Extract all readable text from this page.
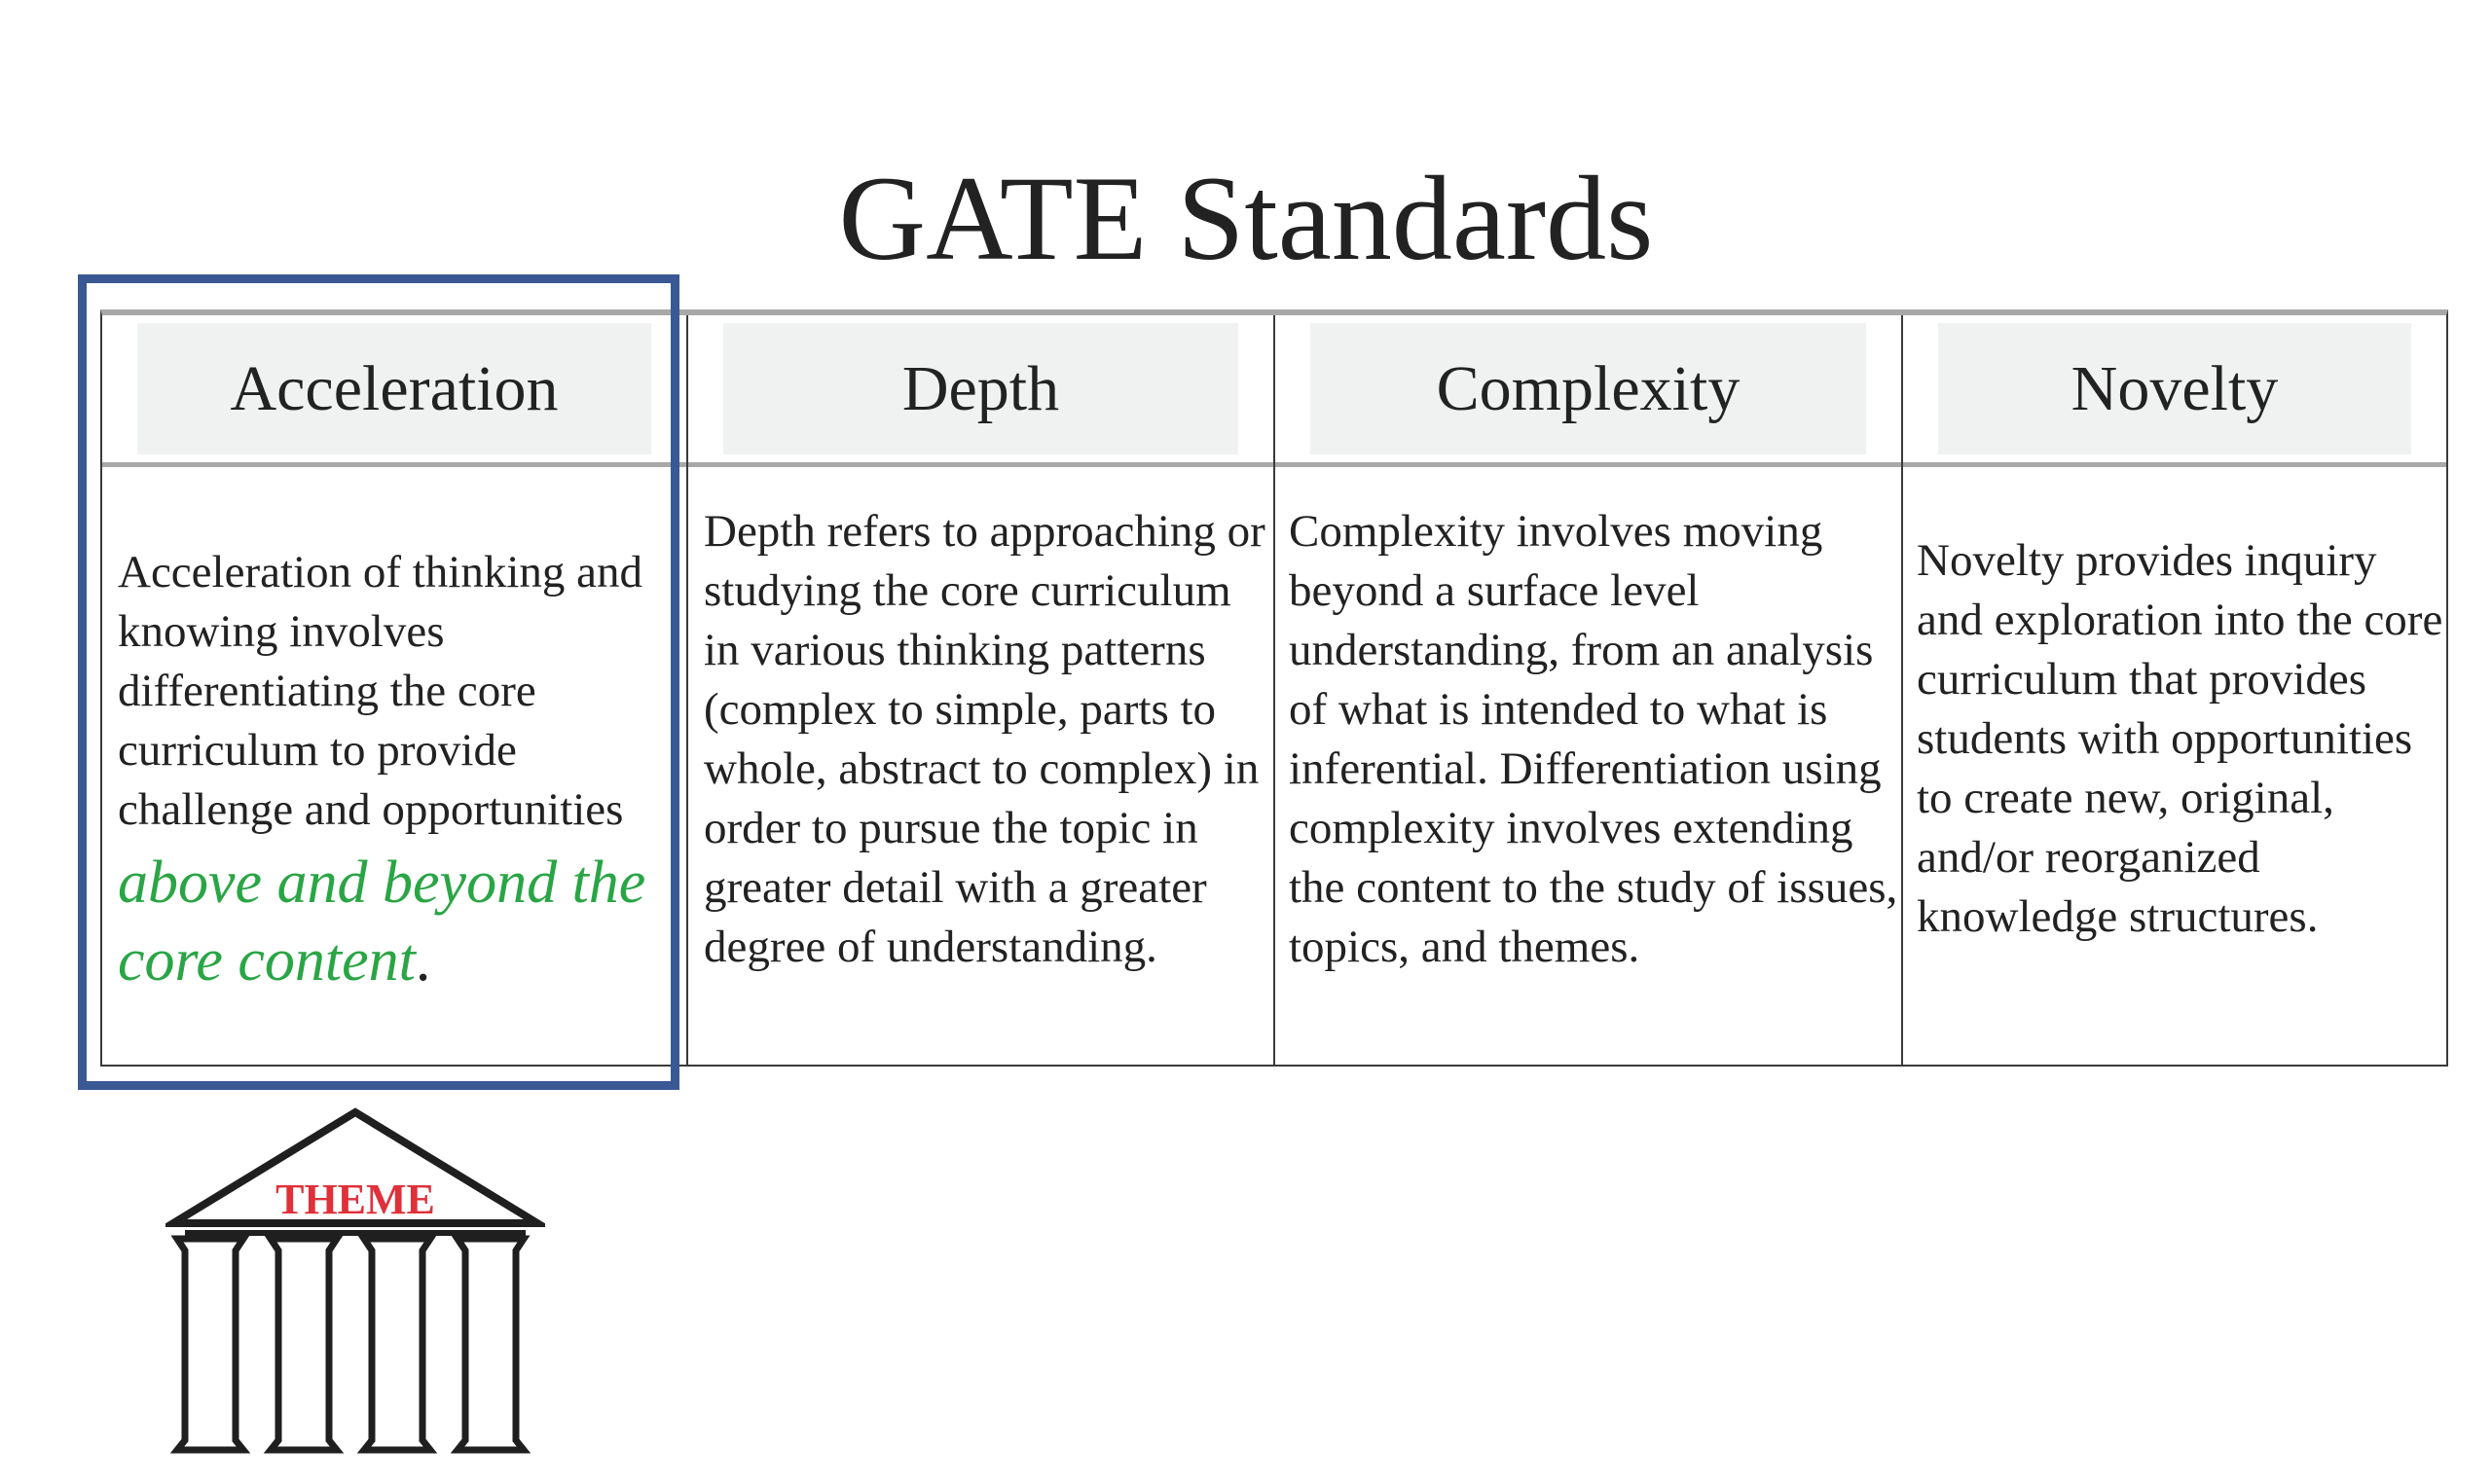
GATE Standards
Acceleration
Acceleration of thinking and knowing involves differentiating the core curriculum to provide challenge and opportunities
above and beyond the core content.
Depth
Depth refers to approaching or studying the core curriculum in various thinking patterns (complex to simple, parts to whole, abstract to complex) in order to pursue the topic in greater detail with a greater degree of understanding.
Complexity
Complexity involves moving beyond a surface level understanding, from an analysis of what is intended to what is inferential. Differentiation using complexity involves extending the content to the study of issues, topics, and themes.
Novelty
Novelty provides inquiry and exploration into the core curriculum that provides students with opportunities to create new, original, and/or reorganized knowledge structures.
THEME
